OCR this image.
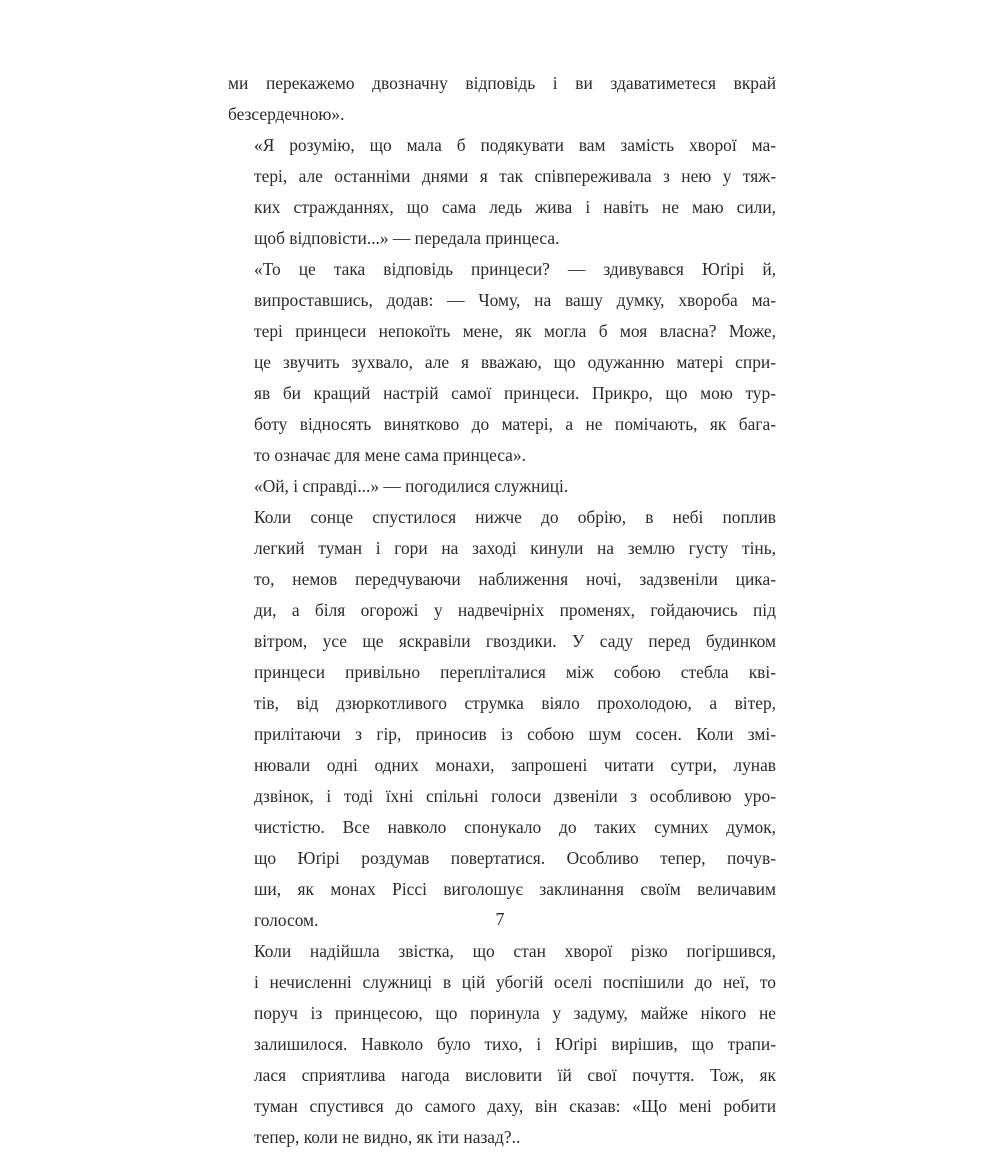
ми перекажемо двозначну відповідь і ви здаватиметеся вкрай
безсердечною».

«Я розумію, що мала б подякувати вам замість хворої ма-
тері, але останніми днями я так співпереживала з нею у тяж-
ких стражданнях, що сама ледь жива і навіть не маю сили,
щоб відповісти...» — передала принцеса.

«То це така відповідь принцеси? — здивувався Юґірі й,
випроставшись, додав: — Чому, на вашу думку, хвороба ма-
тері принцеси непокоїть мене, як могла б моя власна? Може,
це звучить зухвало, але я вважаю, що одужанню матері спри-
яв би кращий настрій самої принцеси. Прикро, що мою тур-
боту відносять винятково до матері, а не помічають, як бага-
то означає для мене сама принцеса».

«Ой, і справді...» — погодилися служниці.

Коли сонце спустилося нижче до обрію, в небі поплив
легкий туман і гори на заході кинули на землю густу тінь,
то, немов передчуваючи наближення ночі, задзвеніли цика-
ди, а біля огорожі у надвечірніх променях, гойдаючись під
вітром, усе ще яскравіли гвоздики. У саду перед будинком
принцеси привільно перепліталися між собою стебла кві-
тів, від дзюркотливого струмка віяло прохолодою, а вітер,
прилітаючи з гір, приносив із собою шум сосен. Коли змі-
нювали одні одних монахи, запрошені читати сутри, лунав
дзвінок, і тоді їхні спільні голоси дзвеніли з особливою уро-
чистістю. Все навколо спонукало до таких сумних думок,
що Юґірі роздумав повертатися. Особливо тепер, почув-
ши, як монах Ріссі виголошує заклинання своїм величавим
голосом.

Коли надійшла звістка, що стан хворої різко погіршився,
і нечисленні служниці в цій убогій оселі поспішили до неї, то
поруч із принцесою, що поринула у задуму, майже нікого не
залишилося. Навколо було тихо, і Юґірі вирішив, що трапи-
лася сприятлива нагода висловити їй свої почуття. Тож, як
туман спустився до самого даху, він сказав: «Що мені робити
тепер, коли не видно, як іти назад?..

7
